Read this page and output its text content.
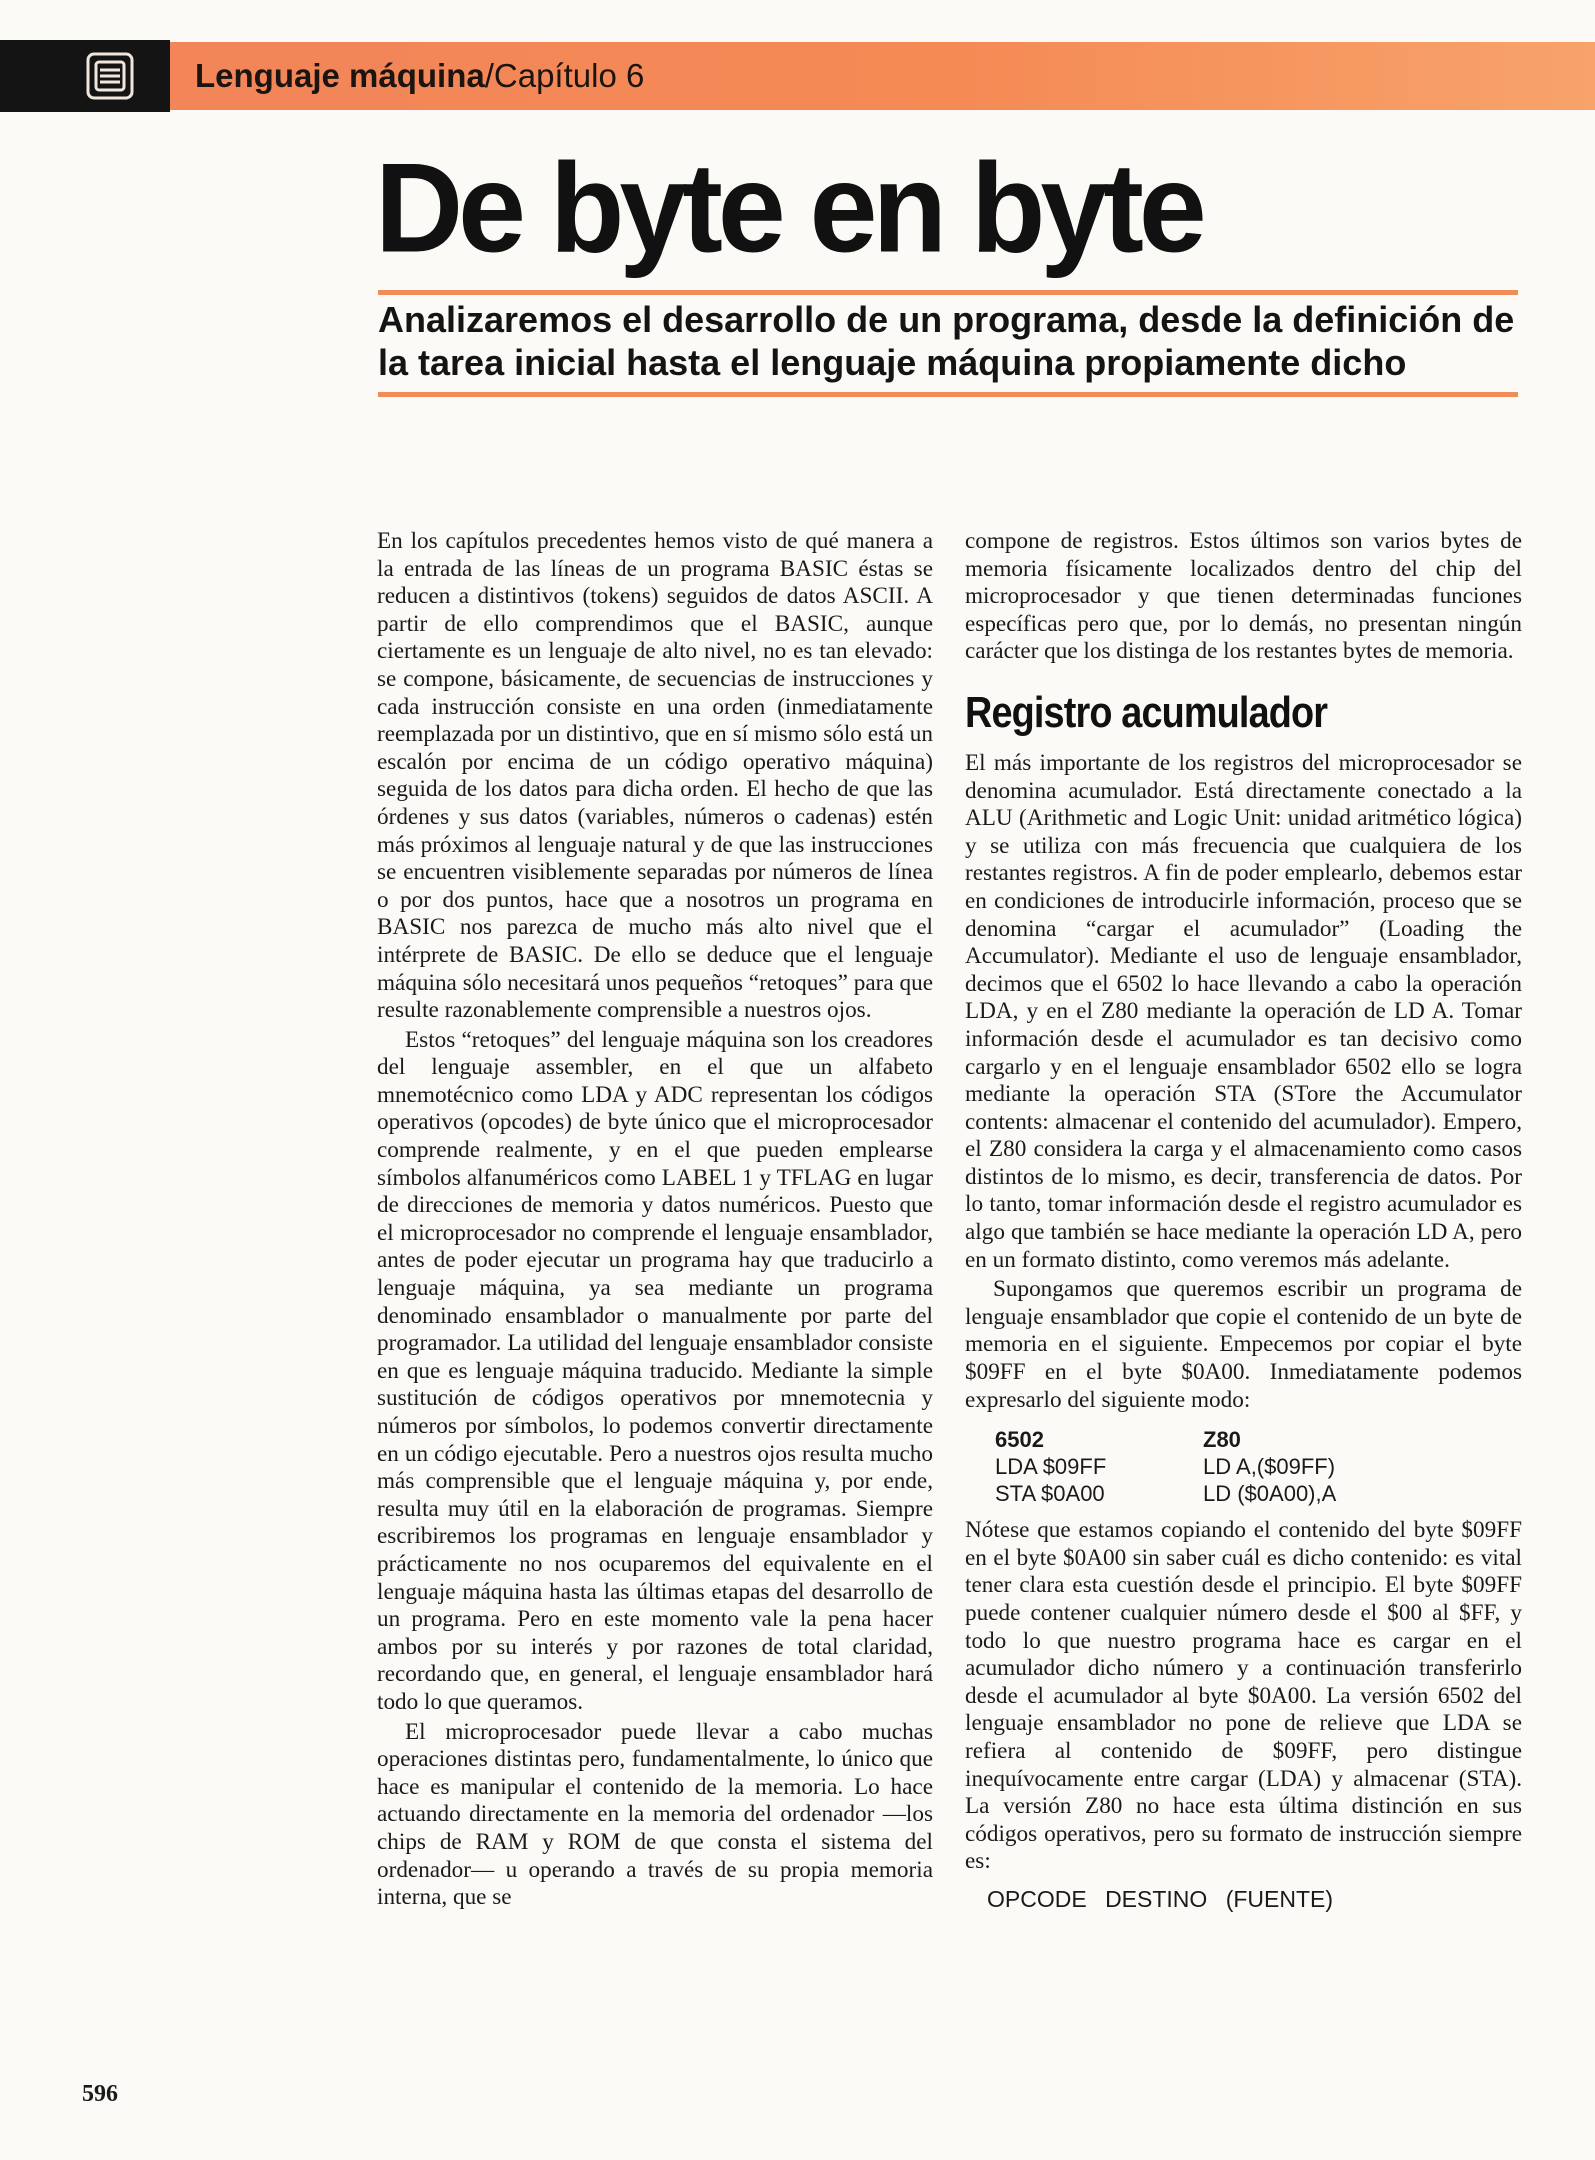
Lenguaje máquina/Capítulo 6
De byte en byte
Analizaremos el desarrollo de un programa, desde la definición de la tarea inicial hasta el lenguaje máquina propiamente dicho

En los capítulos precedentes hemos visto de qué manera a la entrada de las líneas de un programa BASIC éstas se reducen a distintivos (tokens) seguidos de datos ASCII. A partir de ello comprendimos que el BASIC, aunque ciertamente es un lenguaje de alto nivel, no es tan elevado: se compone, básicamente, de secuencias de instrucciones y cada instrucción consiste en una orden (inmediatamente reemplazada por un distintivo, que en sí mismo sólo está un escalón por encima de un código operativo máquina) seguida de los datos para dicha orden. El hecho de que las órdenes y sus datos (variables, números o cadenas) estén más próximos al lenguaje natural y de que las instrucciones se encuentren visiblemente separadas por números de línea o por dos puntos, hace que a nosotros un programa en BASIC nos parezca de mucho más alto nivel que el intérprete de BASIC. De ello se deduce que el lenguaje máquina sólo necesitará unos pequeños “retoques” para que resulte razonablemente comprensible a nuestros ojos.

Estos “retoques” del lenguaje máquina son los creadores del lenguaje assembler, en el que un alfabeto mnemotécnico como LDA y ADC representan los códigos operativos (opcodes) de byte único que el microprocesador comprende realmente, y en el que pueden emplearse símbolos alfanuméricos como LABEL 1 y TFLAG en lugar de direcciones de memoria y datos numéricos. Puesto que el microprocesador no comprende el lenguaje ensamblador, antes de poder ejecutar un programa hay que traducirlo a lenguaje máquina, ya sea mediante un programa denominado ensamblador o manualmente por parte del programador. La utilidad del lenguaje ensamblador consiste en que es lenguaje máquina traducido. Mediante la simple sustitución de códigos operativos por mnemotecnia y números por símbolos, lo podemos convertir directamente en un código ejecutable. Pero a nuestros ojos resulta mucho más comprensible que el lenguaje máquina y, por ende, resulta muy útil en la elaboración de programas. Siempre escribiremos los programas en lenguaje ensamblador y prácticamente no nos ocuparemos del equivalente en el lenguaje máquina hasta las últimas etapas del desarrollo de un programa. Pero en este momento vale la pena hacer ambos por su interés y por razones de total claridad, recordando que, en general, el lenguaje ensamblador hará todo lo que queramos.

El microprocesador puede llevar a cabo muchas operaciones distintas pero, fundamentalmente, lo único que hace es manipular el contenido de la memoria. Lo hace actuando directamente en la memoria del ordenador —los chips de RAM y ROM de que consta el sistema del ordenador— u operando a través de su propia memoria interna, que se

compone de registros. Estos últimos son varios bytes de memoria físicamente localizados dentro del chip del microprocesador y que tienen determinadas funciones específicas pero que, por lo demás, no presentan ningún carácter que los distinga de los restantes bytes de memoria.

Registro acumulador

El más importante de los registros del microprocesador se denomina acumulador. Está directamente conectado a la ALU (Arithmetic and Logic Unit: unidad aritmético lógica) y se utiliza con más frecuencia que cualquiera de los restantes registros. A fin de poder emplearlo, debemos estar en condiciones de introducirle información, proceso que se denomina “cargar el acumulador” (Loading the Accumulator). Mediante el uso de lenguaje ensamblador, decimos que el 6502 lo hace llevando a cabo la operación LDA, y en el Z80 mediante la operación de LD A. Tomar información desde el acumulador es tan decisivo como cargarlo y en el lenguaje ensamblador 6502 ello se logra mediante la operación STA (STore the Accumulator contents: almacenar el contenido del acumulador). Empero, el Z80 considera la carga y el almacenamiento como casos distintos de lo mismo, es decir, transferencia de datos. Por lo tanto, tomar información desde el registro acumulador es algo que también se hace mediante la operación LD A, pero en un formato distinto, como veremos más adelante.

Supongamos que queremos escribir un programa de lenguaje ensamblador que copie el contenido de un byte de memoria en el siguiente. Empecemos por copiar el byte $09FF en el byte $0A00. Inmediatamente podemos expresarlo del siguiente modo:

6502	Z80
LDA $09FF	LD A,($09FF)
STA $0A00	LD ($0A00),A

Nótese que estamos copiando el contenido del byte $09FF en el byte $0A00 sin saber cuál es dicho contenido: es vital tener clara esta cuestión desde el principio. El byte $09FF puede contener cualquier número desde el $00 al $FF, y todo lo que nuestro programa hace es cargar en el acumulador dicho número y a continuación transferirlo desde el acumulador al byte $0A00. La versión 6502 del lenguaje ensamblador no pone de relieve que LDA se refiera al contenido de $09FF, pero distingue inequívocamente entre cargar (LDA) y almacenar (STA). La versión Z80 no hace esta última distinción en sus códigos operativos, pero su formato de instrucción siempre es:

OPCODE DESTINO (FUENTE)
596
